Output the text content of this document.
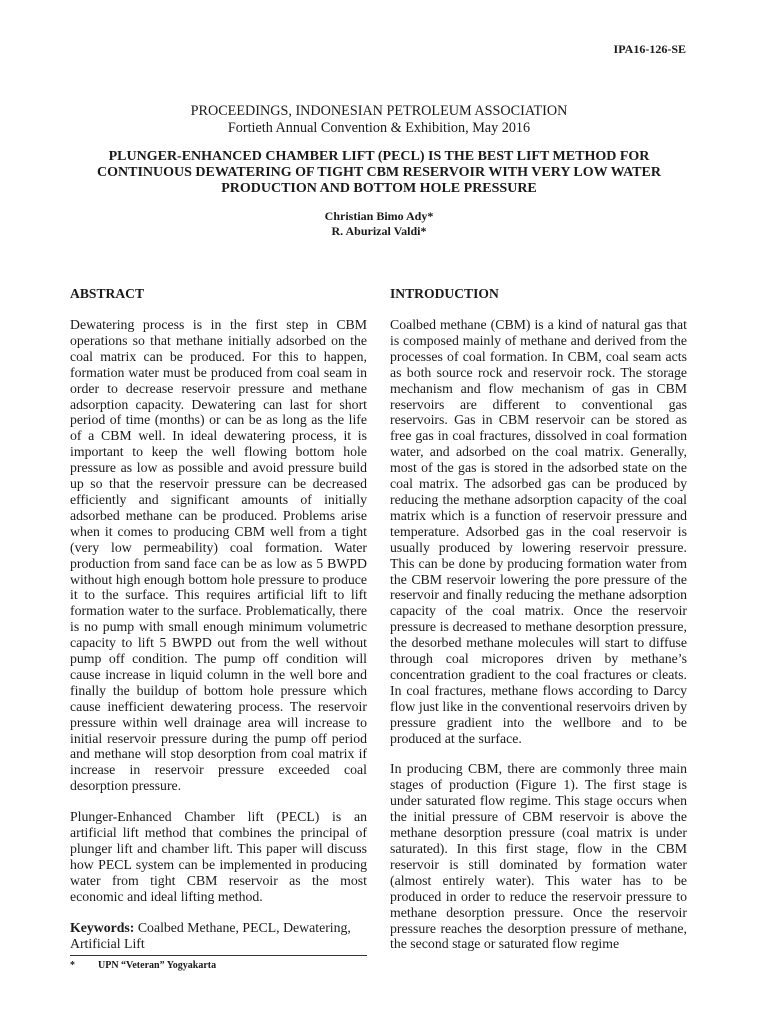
IPA16-126-SE
PROCEEDINGS, INDONESIAN PETROLEUM ASSOCIATION
Fortieth Annual Convention & Exhibition, May 2016
PLUNGER-ENHANCED CHAMBER LIFT (PECL) IS THE BEST LIFT METHOD FOR CONTINUOUS DEWATERING OF TIGHT CBM RESERVOIR WITH VERY LOW WATER PRODUCTION AND BOTTOM HOLE PRESSURE
Christian Bimo Ady*
R. Aburizal Valdi*
ABSTRACT

Dewatering process is in the first step in CBM operations so that methane initially adsorbed on the coal matrix can be produced. For this to happen, formation water must be produced from coal seam in order to decrease reservoir pressure and methane adsorption capacity. Dewatering can last for short period of time (months) or can be as long as the life of a CBM well. In ideal dewatering process, it is important to keep the well flowing bottom hole pressure as low as possible and avoid pressure build up so that the reservoir pressure can be decreased efficiently and significant amounts of initially adsorbed methane can be produced. Problems arise when it comes to producing CBM well from a tight (very low permeability) coal formation. Water production from sand face can be as low as 5 BWPD without high enough bottom hole pressure to produce it to the surface. This requires artificial lift to lift formation water to the surface. Problematically, there is no pump with small enough minimum volumetric capacity to lift 5 BWPD out from the well without pump off condition. The pump off condition will cause increase in liquid column in the well bore and finally the buildup of bottom hole pressure which cause inefficient dewatering process. The reservoir pressure within well drainage area will increase to initial reservoir pressure during the pump off period and methane will stop desorption from coal matrix if increase in reservoir pressure exceeded coal desorption pressure.

Plunger-Enhanced Chamber lift (PECL) is an artificial lift method that combines the principal of plunger lift and chamber lift. This paper will discuss how PECL system can be implemented in producing water from tight CBM reservoir as the most economic and ideal lifting method.

Keywords: Coalbed Methane, PECL, Dewatering, Artificial Lift

INTRODUCTION

Coalbed methane (CBM) is a kind of natural gas that is composed mainly of methane and derived from the processes of coal formation. In CBM, coal seam acts as both source rock and reservoir rock. The storage mechanism and flow mechanism of gas in CBM reservoirs are different to conventional gas reservoirs. Gas in CBM reservoir can be stored as free gas in coal fractures, dissolved in coal formation water, and adsorbed on the coal matrix. Generally, most of the gas is stored in the adsorbed state on the coal matrix. The adsorbed gas can be produced by reducing the methane adsorption capacity of the coal matrix which is a function of reservoir pressure and temperature. Adsorbed gas in the coal reservoir is usually produced by lowering reservoir pressure. This can be done by producing formation water from the CBM reservoir lowering the pore pressure of the reservoir and finally reducing the methane adsorption capacity of the coal matrix. Once the reservoir pressure is decreased to methane desorption pressure, the desorbed methane molecules will start to diffuse through coal micropores driven by methane’s concentration gradient to the coal fractures or cleats. In coal fractures, methane flows according to Darcy flow just like in the conventional reservoirs driven by pressure gradient into the wellbore and to be produced at the surface.

In producing CBM, there are commonly three main stages of production (Figure 1). The first stage is under saturated flow regime. This stage occurs when the initial pressure of CBM reservoir is above the methane desorption pressure (coal matrix is under saturated). In this first stage, flow in the CBM reservoir is still dominated by formation water (almost entirely water). This water has to be produced in order to reduce the reservoir pressure to methane desorption pressure. Once the reservoir pressure reaches the desorption pressure of methane, the second stage or saturated flow regime

* UPN “Veteran” Yogyakarta
